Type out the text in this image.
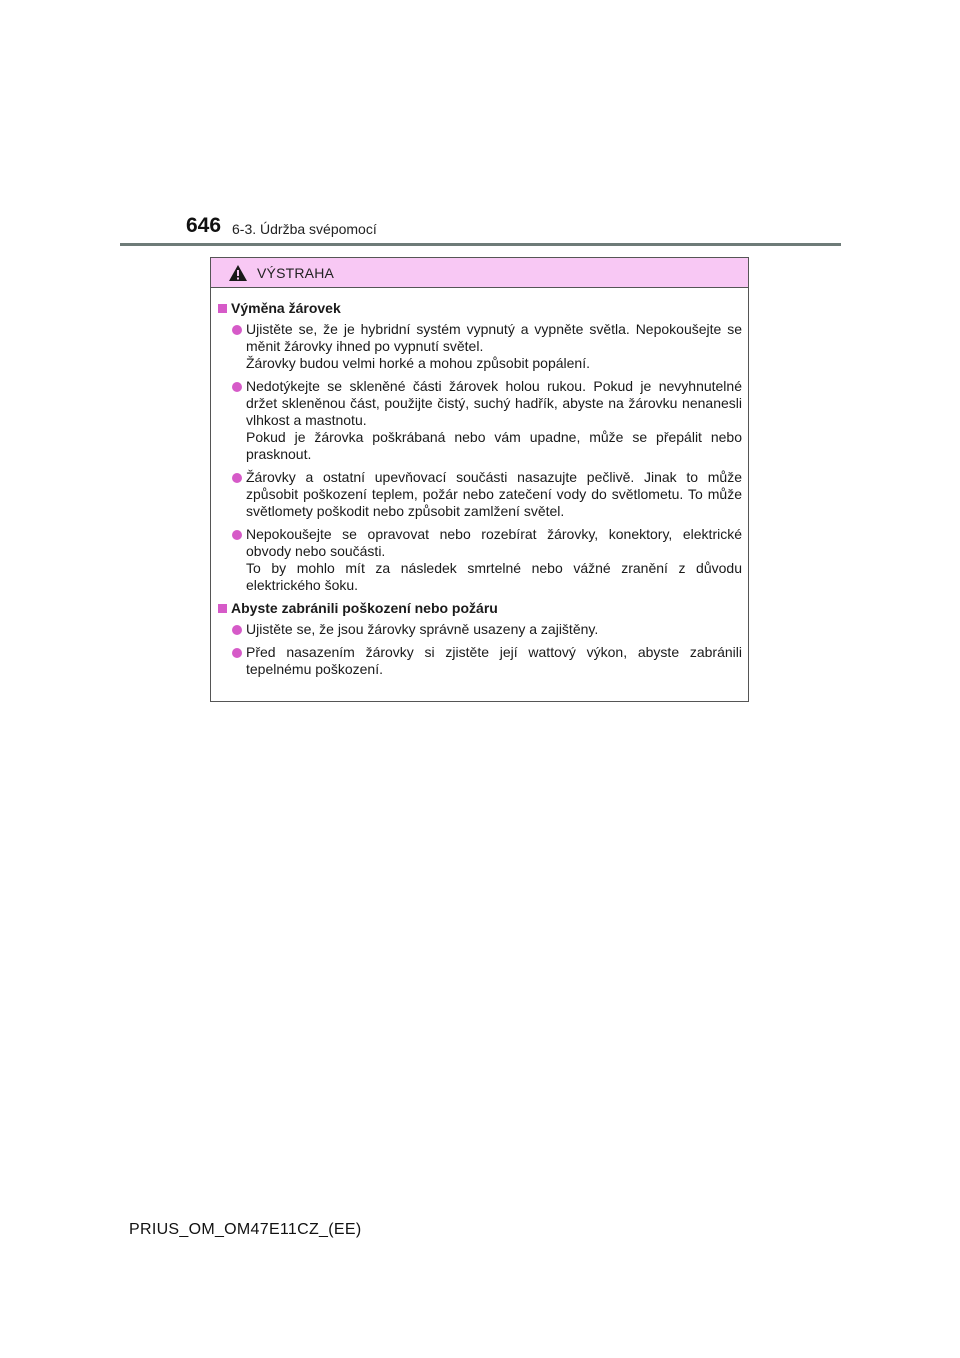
646 6-3. Údržba svépomocí
VÝSTRAHA
Výměna žárovek
Ujistěte se, že je hybridní systém vypnutý a vypněte světla. Nepokoušejte se měnit žárovky ihned po vypnutí světel.
Žárovky budou velmi horké a mohou způsobit popálení.
Nedotýkejte se skleněné části žárovek holou rukou. Pokud je nevyhnutelné držet skleněnou část, použijte čistý, suchý hadřík, abyste na žárovku nenanesli vlhkost a mastnotu.
Pokud je žárovka poškrábaná nebo vám upadne, může se přepálit nebo prasknout.
Žárovky a ostatní upevňovací součásti nasazujte pečlivě. Jinak to může způsobit poškození teplem, požár nebo zatečení vody do světlometu. To může světlomety poškodit nebo způsobit zamlžení světel.
Nepokoušejte se opravovat nebo rozebírat žárovky, konektory, elektrické obvody nebo součásti.
To by mohlo mít za následek smrtelné nebo vážné zranění z důvodu elektrického šoku.
Abyste zabránili poškození nebo požáru
Ujistěte se, že jsou žárovky správně usazeny a zajištěny.
Před nasazením žárovky si zjistěte její wattový výkon, abyste zabránili tepelnému poškození.
PRIUS_OM_OM47E11CZ_(EE)
